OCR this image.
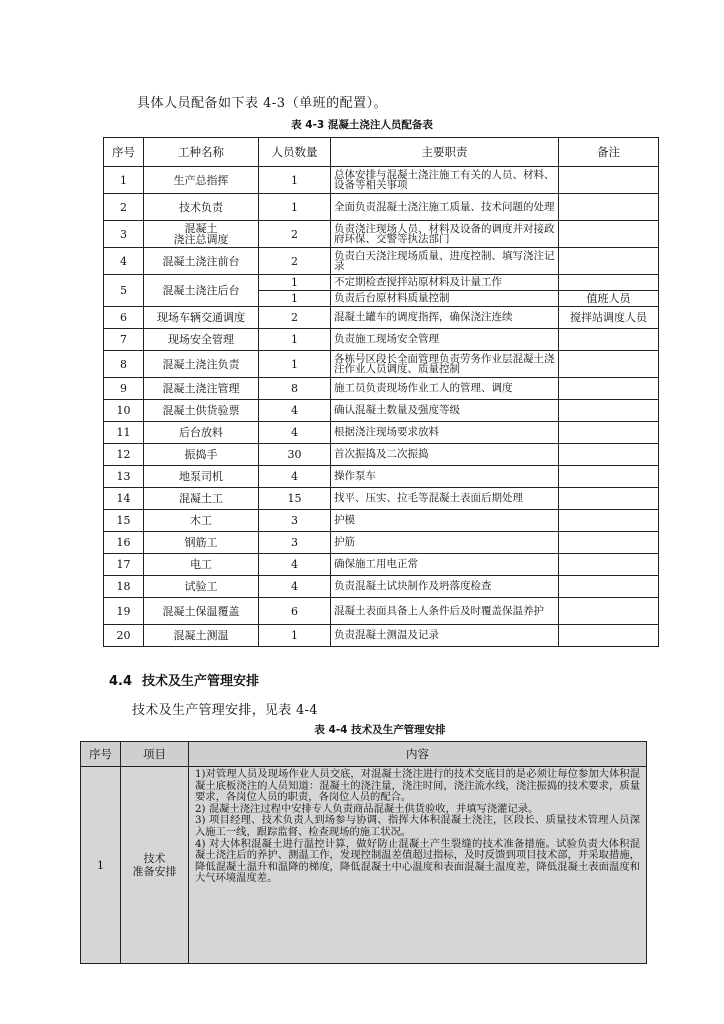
具体人员配备如下表 4-3（单班的配置）。
表 4-3 混凝土浇注人员配备表
序号	工种名称	人员数量	主要职责	备注
1	生产总指挥	1	总体安排与混凝土浇注施工有关的人员、材料、设备等相关事项	
2	技术负责	1	全面负责混凝土浇注施工质量、技术问题的处理	
3	混凝土
浇注总调度	2	负责浇注现场人员、材料及设备的调度并对接政府环保、交警等执法部门	
4	混凝土浇注前台	2	负责白天浇注现场质量、进度控制、填写浇注记录	
5	混凝土浇注后台	1	不定期检查搅拌站原材料及计量工作	
		1	负责后台原材料质量控制	值班人员
6	现场车辆交通调度	2	混凝土罐车的调度指挥，确保浇注连续	搅拌站调度人员
7	现场安全管理	1	负责施工现场安全管理	
8	混凝土浇注负责	1	各栋号区段长全面管理负责劳务作业层混凝土浇注作业人员调度、质量控制	
9	混凝土浇注管理	8	施工员负责现场作业工人的管理、调度	
10	混凝土供货验票	4	确认混凝土数量及强度等级	
11	后台放料	4	根据浇注现场要求放料	
12	振捣手	30	首次振捣及二次振捣	
13	地泵司机	4	操作泵车	
14	混凝土工	15	找平、压实、拉毛等混凝土表面后期处理	
15	木工	3	护模	
16	钢筋工	3	护筋	
17	电工	4	确保施工用电正常	
18	试验工	4	负责混凝土试块制作及坍落度检查	
19	混凝土保温覆盖	6	混凝土表面具备上人条件后及时覆盖保温养护	
20	混凝土测温	1	负责混凝土测温及记录	
4.4 技术及生产管理安排
技术及生产管理安排，见表 4-4
表 4-4 技术及生产管理安排
序号	项目	内容
1	技术
准备安排	1)对管理人员及现场作业人员交底，对混凝土浇注进行的技术交底目的是必须让每位参加大体积混凝土底板浇注的人员知道：混凝土的浇注量，浇注时间，浇注流水线，浇注振捣的技术要求，质量要求，各岗位人员的职责，各岗位人员的配合。
2) 混凝土浇注过程中安排专人负责商品混凝土供货验收，并填写浇灌记录。
3) 项目经理、技术负责人到场参与协调、指挥大体积混凝土浇注，区段长、质量技术管理人员深入施工一线，跟踪监督、检查现场的施工状况。
4) 对大体积混凝土进行温控计算，做好防止混凝土产生裂缝的技术准备措施。试验负责大体积混凝土浇注后的养护、测温工作，发现控制温差值超过指标，及时反馈到项目技术部，并采取措施，降低混凝土温升和温降的梯度，降低混凝土中心温度和表面混凝土温度差，降低混凝土表面温度和大气环境温度差。
